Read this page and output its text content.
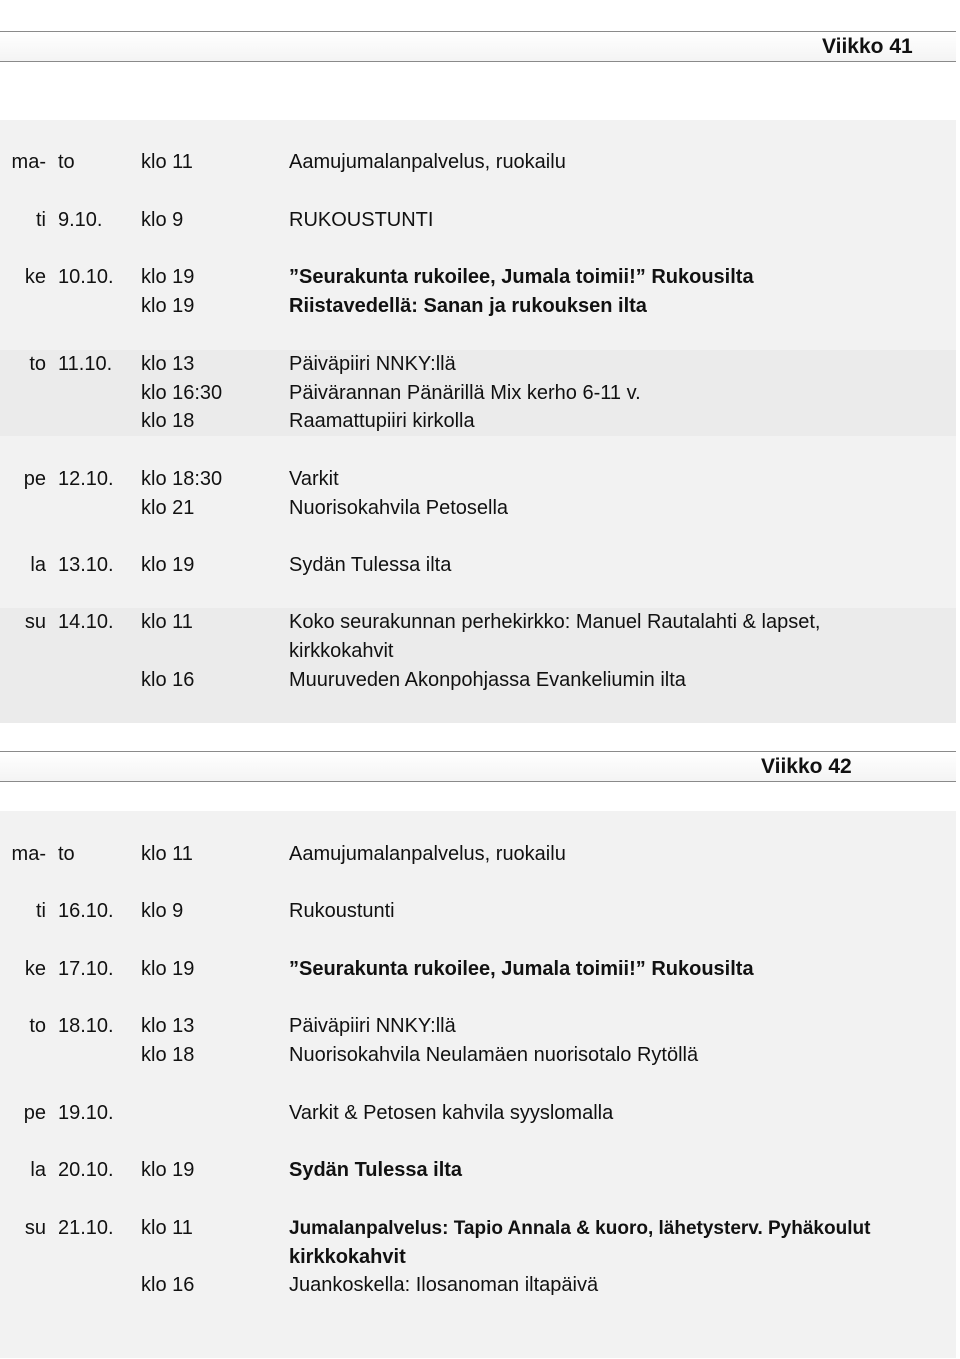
Viikko 41
ma- to	klo 11	Aamujumalanpalvelus, ruokailu
ti 9.10. klo 9	RUKOUSTUNTI
ke 10.10. klo 19	”Seurakunta rukoilee, Jumala toimii!” Rukousilta
klo 19	Riistavedellä: Sanan ja rukouksen ilta
to 11.10. klo 13	Päiväpiiri NNKY:llä
klo 16:30	Päivärannan Pänärillä Mix kerho 6-11 v.
klo 18	Raamattupiiri kirkolla
pe 12.10. klo 18:30	Varkit
klo 21	Nuorisokahvila Petosella
la 13.10. klo 19	Sydän Tulessa ilta
su 14.10. klo 11	Koko seurakunnan perhekirkko: Manuel Rautalahti & lapset,
kirkkokahvit
klo 16	Muuruveden Akonpohjassa Evankeliumin ilta
Viikko 42
ma- to	klo 11	Aamujumalanpalvelus, ruokailu
ti 16.10. klo 9	Rukoustunti
ke 17.10. klo 19	”Seurakunta rukoilee, Jumala toimii!” Rukousilta
to 18.10. klo 13	Päiväpiiri NNKY:llä
klo 18	Nuorisokahvila Neulamäen nuorisotalo Rytöllä
pe 19.10.	Varkit & Petosen kahvila syyslomalla
la 20.10. klo 19	Sydän Tulessa ilta
su 21.10. klo 11	Jumalanpalvelus: Tapio Annala & kuoro, lähetysterv. Pyhäkoulut
kirkkokahvit
klo 16	Juankoskella: Ilosanoman iltapäivä
